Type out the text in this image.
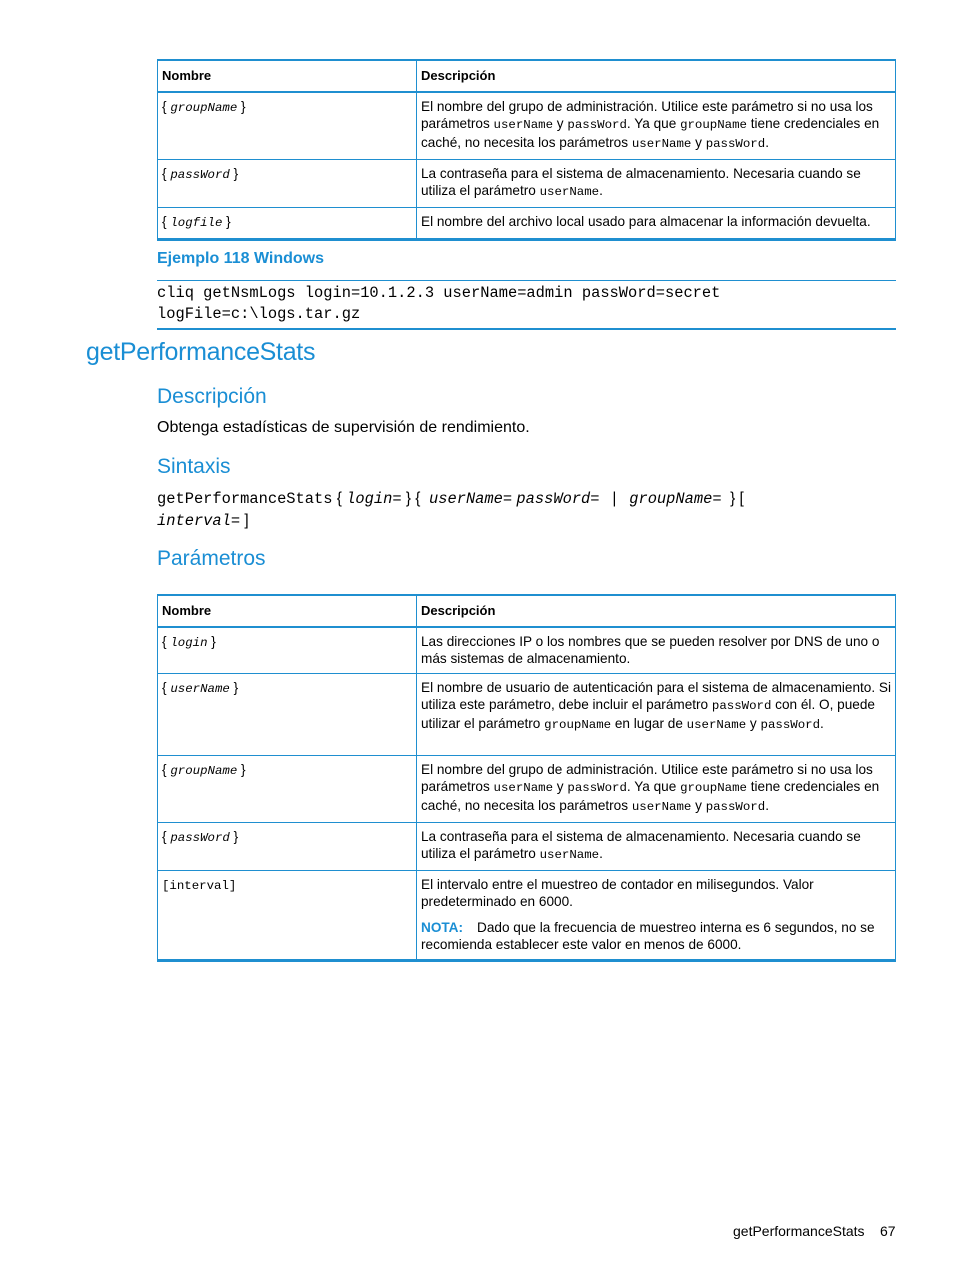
Nombre	Descripción
{ groupName }	El nombre del grupo de administración. Utilice este parámetro si no usa los parámetros userName y passWord. Ya que groupName tiene credenciales en caché, no necesita los parámetros userName y passWord.
{ passWord }	La contraseña para el sistema de almacenamiento. Necesaria cuando se utiliza el parámetro userName.
{ logfile }	El nombre del archivo local usado para almacenar la información devuelta.
Ejemplo 118 Windows
cliq getNsmLogs login=10.1.2.3 userName=admin passWord=secret
logFile=c:\logs.tar.gz
getPerformanceStats
Descripción
Obtenga estadísticas de supervisión de rendimiento.
Sintaxis
getPerformanceStats { login= } {  userName= passWord=   |   groupName=  } [
interval= ]
Parámetros
Nombre	Descripción
{ login }	Las direcciones IP o los nombres que se pueden resolver por DNS de uno o más sistemas de almacenamiento.
{ userName }	El nombre de usuario de autenticación para el sistema de almacenamiento. Si utiliza este parámetro, debe incluir el parámetro passWord con él. O, puede utilizar el parámetro groupName en lugar de userName y passWord.
{ groupName }	El nombre del grupo de administración. Utilice este parámetro si no usa los parámetros userName y passWord. Ya que groupName tiene credenciales en caché, no necesita los parámetros userName y passWord.
{ passWord }	La contraseña para el sistema de almacenamiento. Necesaria cuando se utiliza el parámetro userName.
[interval]	El intervalo entre el muestreo de contador en milisegundos. Valor predeterminado en 6000.
NOTA: Dado que la frecuencia de muestreo interna es 6 segundos, no se recomienda establecer este valor en menos de 6000.
getPerformanceStats 67
